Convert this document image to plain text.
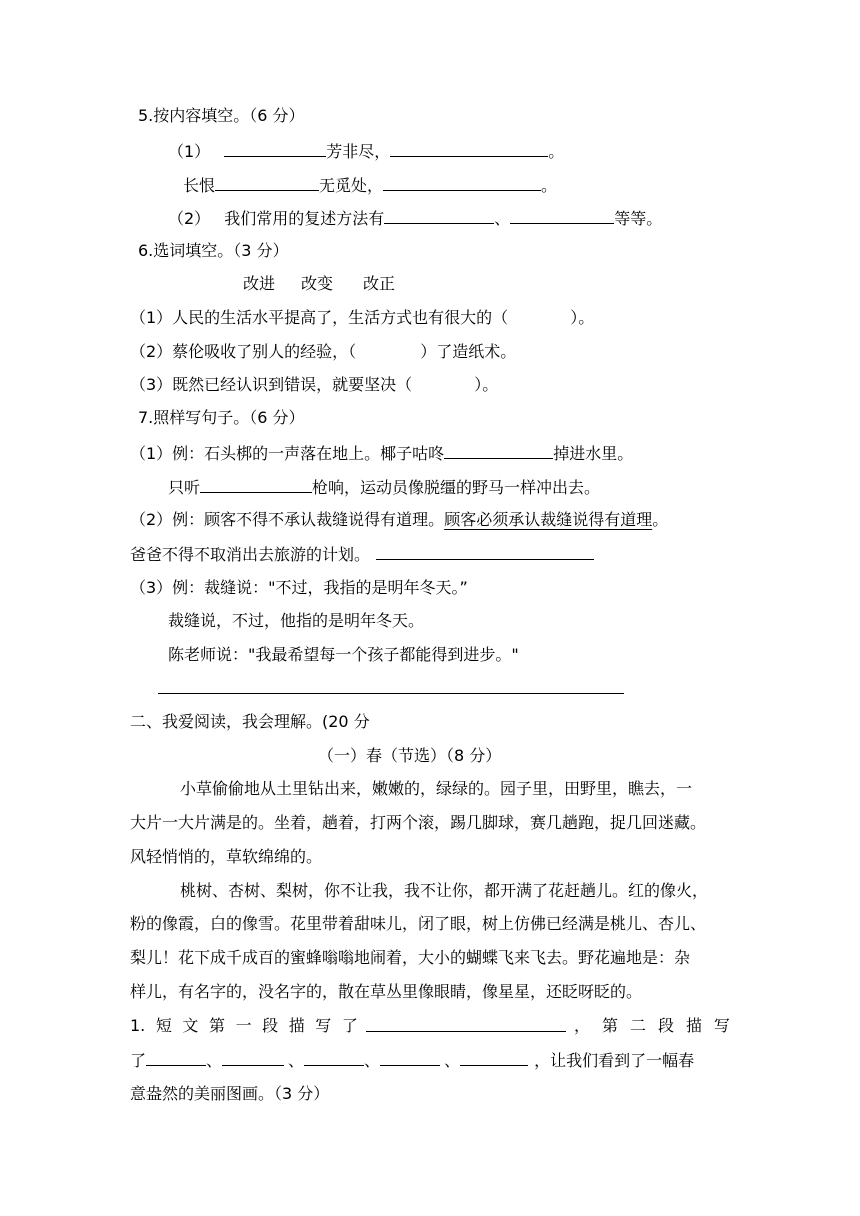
5.按内容填空。（6 分）
（1）	芳非尽，	。
长恨	无觅处，	。
（2） 我们常用的复述方法有	、	等等。
6.选词填空。（3 分）
改进 改变 改正
（1）人民的生活水平提高了，生活方式也有很大的（	）。
（2）蔡伦吸收了别人的经验，（	）了造纸术。
（3）既然已经认识到错误，就要坚决（	）。
7.照样写句子。（6 分）
（1）例：石头梆的一声落在地上。椰子咕咚	掉进水里。
只听	枪响，运动员像脱缰的野马一样冲出去。
（2）例：顾客不得不承认裁缝说得有道理。顾客必须承认裁缝说得有道理。
爸爸不得不取消出去旅游的计划。
（3）例：裁缝说："不过，我指的是明年冬天。”
裁缝说，不过，他指的是明年冬天。
陈老师说："我最希望每一个孩子都能得到进步。"
二、我爱阅读，我会理解。(20 分
（一）春（节选）（8 分）
小草偷偷地从土里钻出来，嫩嫩的，绿绿的。园子里，田野里，瞧去，一
大片一大片满是的。坐着，趟着，打两个滚，踢几脚球，赛几趟跑，捉几回迷藏。
风轻悄悄的，草软绵绵的。
桃树、杏树、梨树，你不让我，我不让你，都开满了花赶趟儿。红的像火，
粉的像霞，白的像雪。花里带着甜味儿，闭了眼，树上仿佛已经满是桃儿、杏儿、
梨儿！花下成千成百的蜜蜂嗡嗡地闹着，大小的蝴蝶飞来飞去。野花遍地是：杂
样儿，有名字的，没名字的，散在草丛里像眼睛，像星星，还眨呀眨的。
1. 短 文 第 一 段 描 写 了	， 第 二 段 描 写
了	、	、	、	、	，让我们看到了一幅春
意盎然的美丽图画。（3 分）
